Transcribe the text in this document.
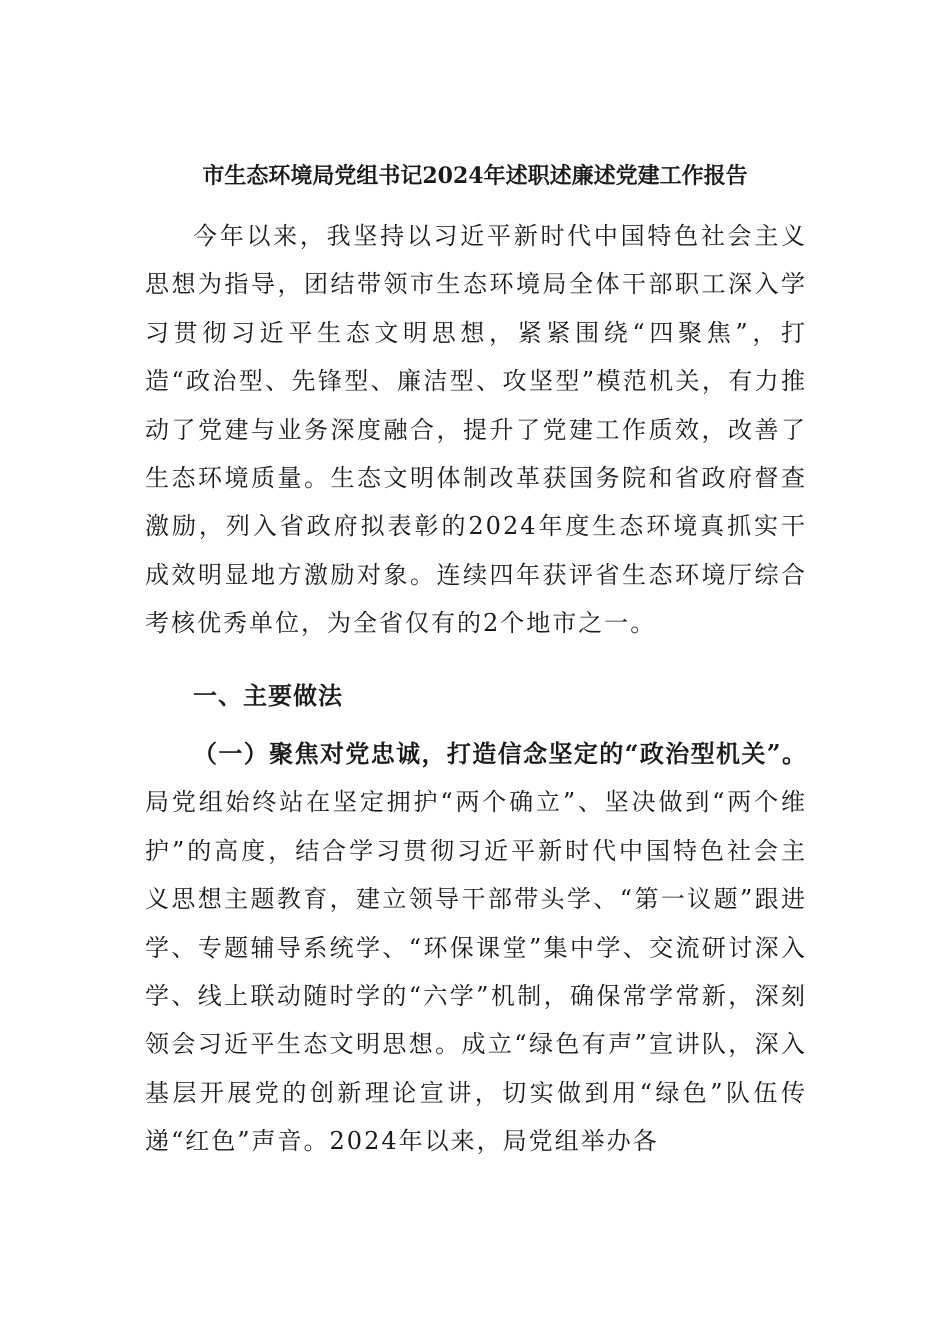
市生态环境局党组书记2024年述职述廉述党建工作报告

今年以来，我坚持以习近平新时代中国特色社会主义思想为指导，团结带领市生态环境局全体干部职工深入学习贯彻习近平生态文明思想，紧紧围绕“四聚焦”，打造“政治型、先锋型、廉洁型、攻坚型”模范机关，有力推动了党建与业务深度融合，提升了党建工作质效，改善了生态环境质量。生态文明体制改革获国务院和省政府督查激励，列入省政府拟表彰的2024年度生态环境真抓实干成效明显地方激励对象。连续四年获评省生态环境厅综合考核优秀单位，为全省仅有的2个地市之一。

一、主要做法

（一）聚焦对党忠诚，打造信念坚定的“政治型机关”。局党组始终站在坚定拥护“两个确立”、坚决做到“两个维护”的高度，结合学习贯彻习近平新时代中国特色社会主义思想主题教育，建立领导干部带头学、“第一议题”跟进学、专题辅导系统学、“环保课堂”集中学、交流研讨深入学、线上联动随时学的“六学”机制，确保常学常新，深刻领会习近平生态文明思想。成立“绿色有声”宣讲队，深入基层开展党的创新理论宣讲，切实做到用“绿色”队伍传递“红色”声音。2024年以来，局党组举办各
